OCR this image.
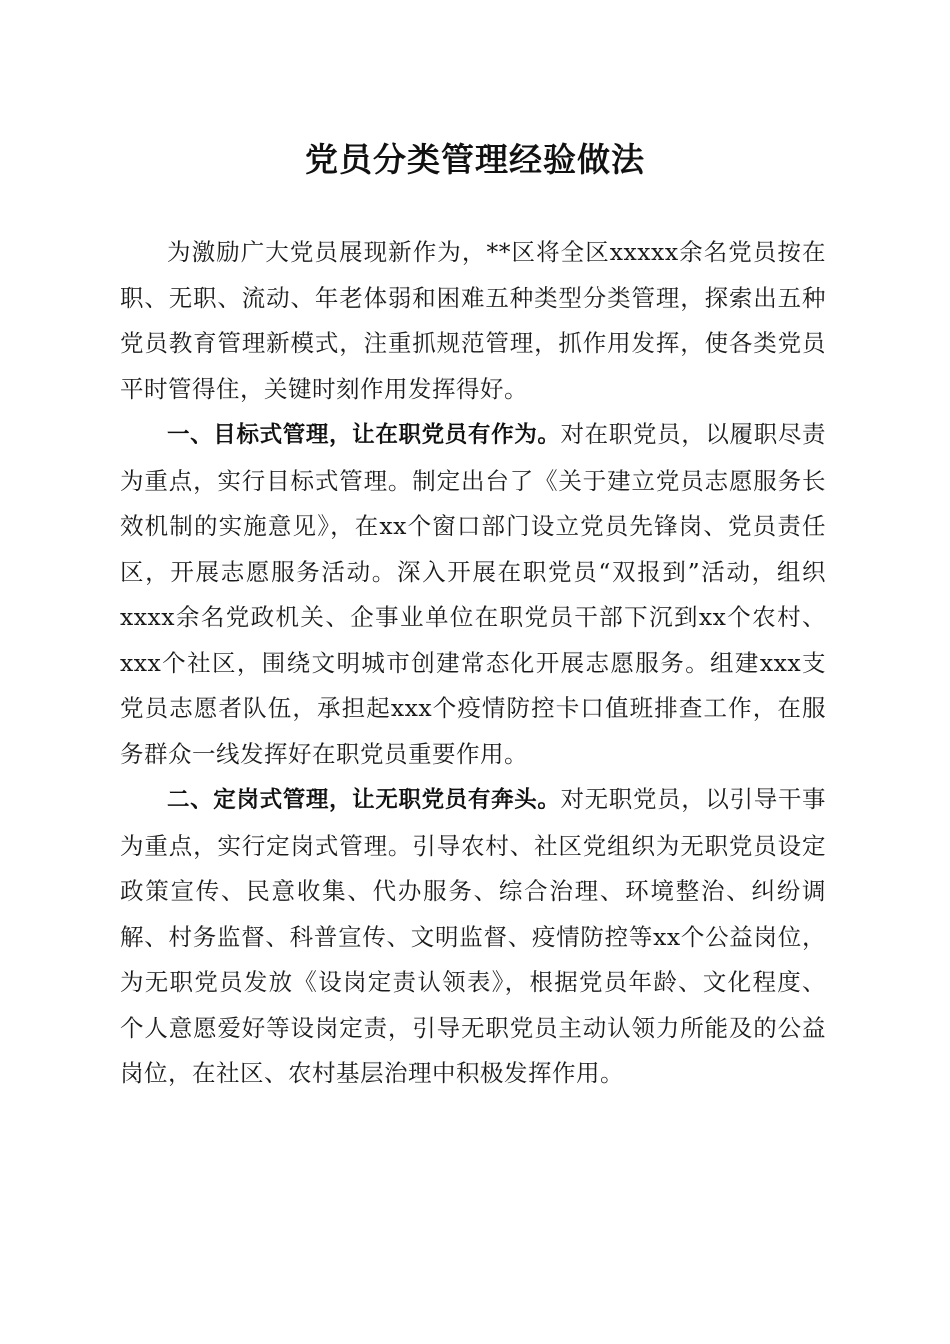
党员分类管理经验做法

为激励广大党员展现新作为，**区将全区xxxxx余名党员按在职、无职、流动、年老体弱和困难五种类型分类管理，探索出五种党员教育管理新模式，注重抓规范管理，抓作用发挥，使各类党员平时管得住，关键时刻作用发挥得好。

一、目标式管理，让在职党员有作为。对在职党员，以履职尽责为重点，实行目标式管理。制定出台了《关于建立党员志愿服务长效机制的实施意见》，在xx个窗口部门设立党员先锋岗、党员责任区，开展志愿服务活动。深入开展在职党员“双报到”活动，组织xxxx余名党政机关、企事业单位在职党员干部下沉到xx个农村、xxx个社区，围绕文明城市创建常态化开展志愿服务。组建xxx支党员志愿者队伍，承担起xxx个疫情防控卡口值班排查工作，在服务群众一线发挥好在职党员重要作用。

二、定岗式管理，让无职党员有奔头。对无职党员，以引导干事为重点，实行定岗式管理。引导农村、社区党组织为无职党员设定政策宣传、民意收集、代办服务、综合治理、环境整治、纠纷调解、村务监督、科普宣传、文明监督、疫情防控等xx个公益岗位，为无职党员发放《设岗定责认领表》，根据党员年龄、文化程度、个人意愿爱好等设岗定责，引导无职党员主动认领力所能及的公益岗位，在社区、农村基层治理中积极发挥作用。
